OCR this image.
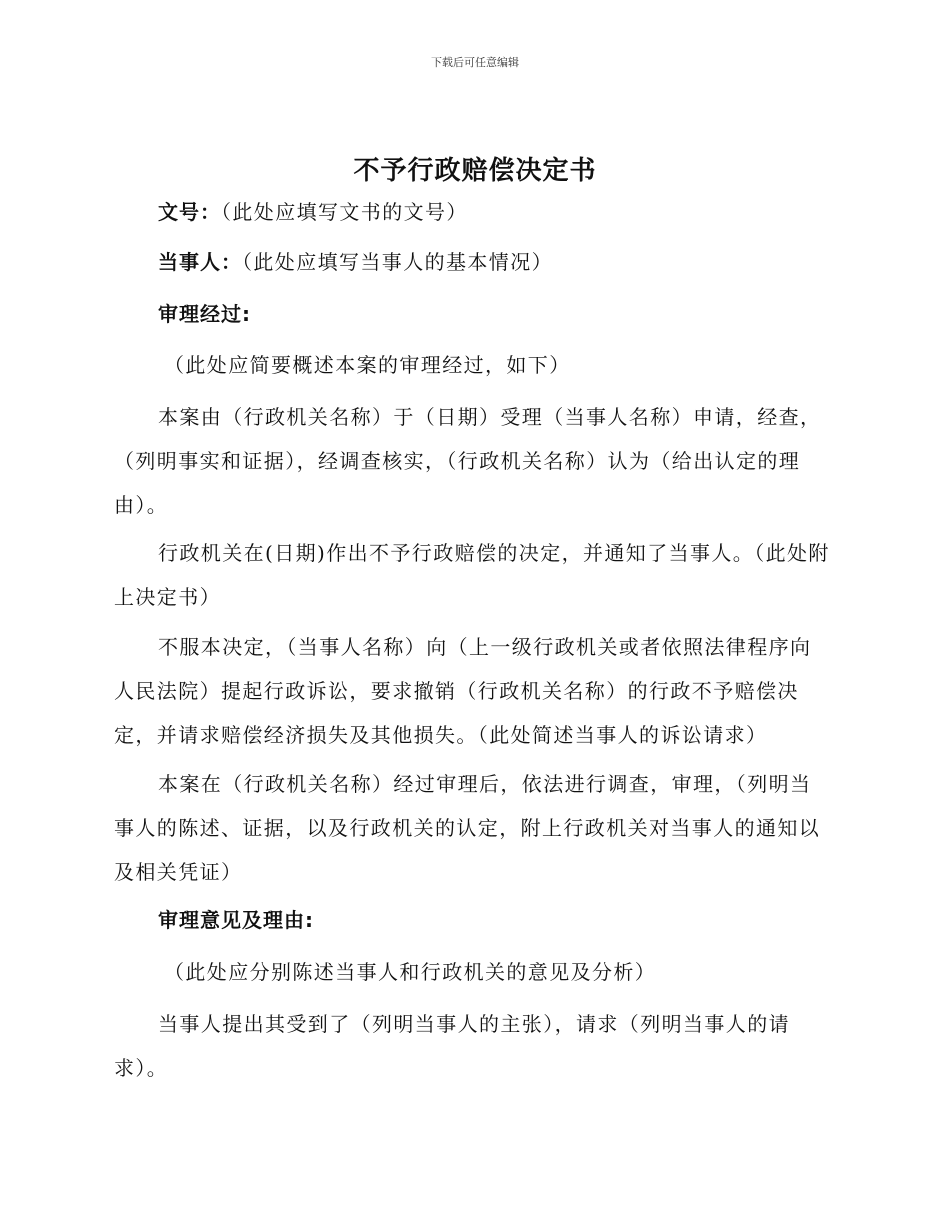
下载后可任意编辑
不予行政赔偿决定书
文号：（此处应填写文书的文号）
当事人：（此处应填写当事人的基本情况）
审理经过:
（此处应简要概述本案的审理经过，如下）

本案由（行政机关名称）于（日期）受理（当事人名称）申请，经查，（列明事实和证据），经调查核实，（行政机关名称）认为（给出认定的理由）。

行政机关在(日期)作出不予行政赔偿的决定，并通知了当事人。（此处附上决定书）

不服本决定，（当事人名称）向（上一级行政机关或者依照法律程序向人民法院）提起行政诉讼，要求撤销（行政机关名称）的行政不予赔偿决定，并请求赔偿经济损失及其他损失。（此处简述当事人的诉讼请求）

本案在（行政机关名称）经过审理后，依法进行调查，审理，（列明当事人的陈述、证据，以及行政机关的认定，附上行政机关对当事人的通知以及相关凭证）

审理意见及理由:
（此处应分别陈述当事人和行政机关的意见及分析）

当事人提出其受到了（列明当事人的主张），请求（列明当事人的请求）。
